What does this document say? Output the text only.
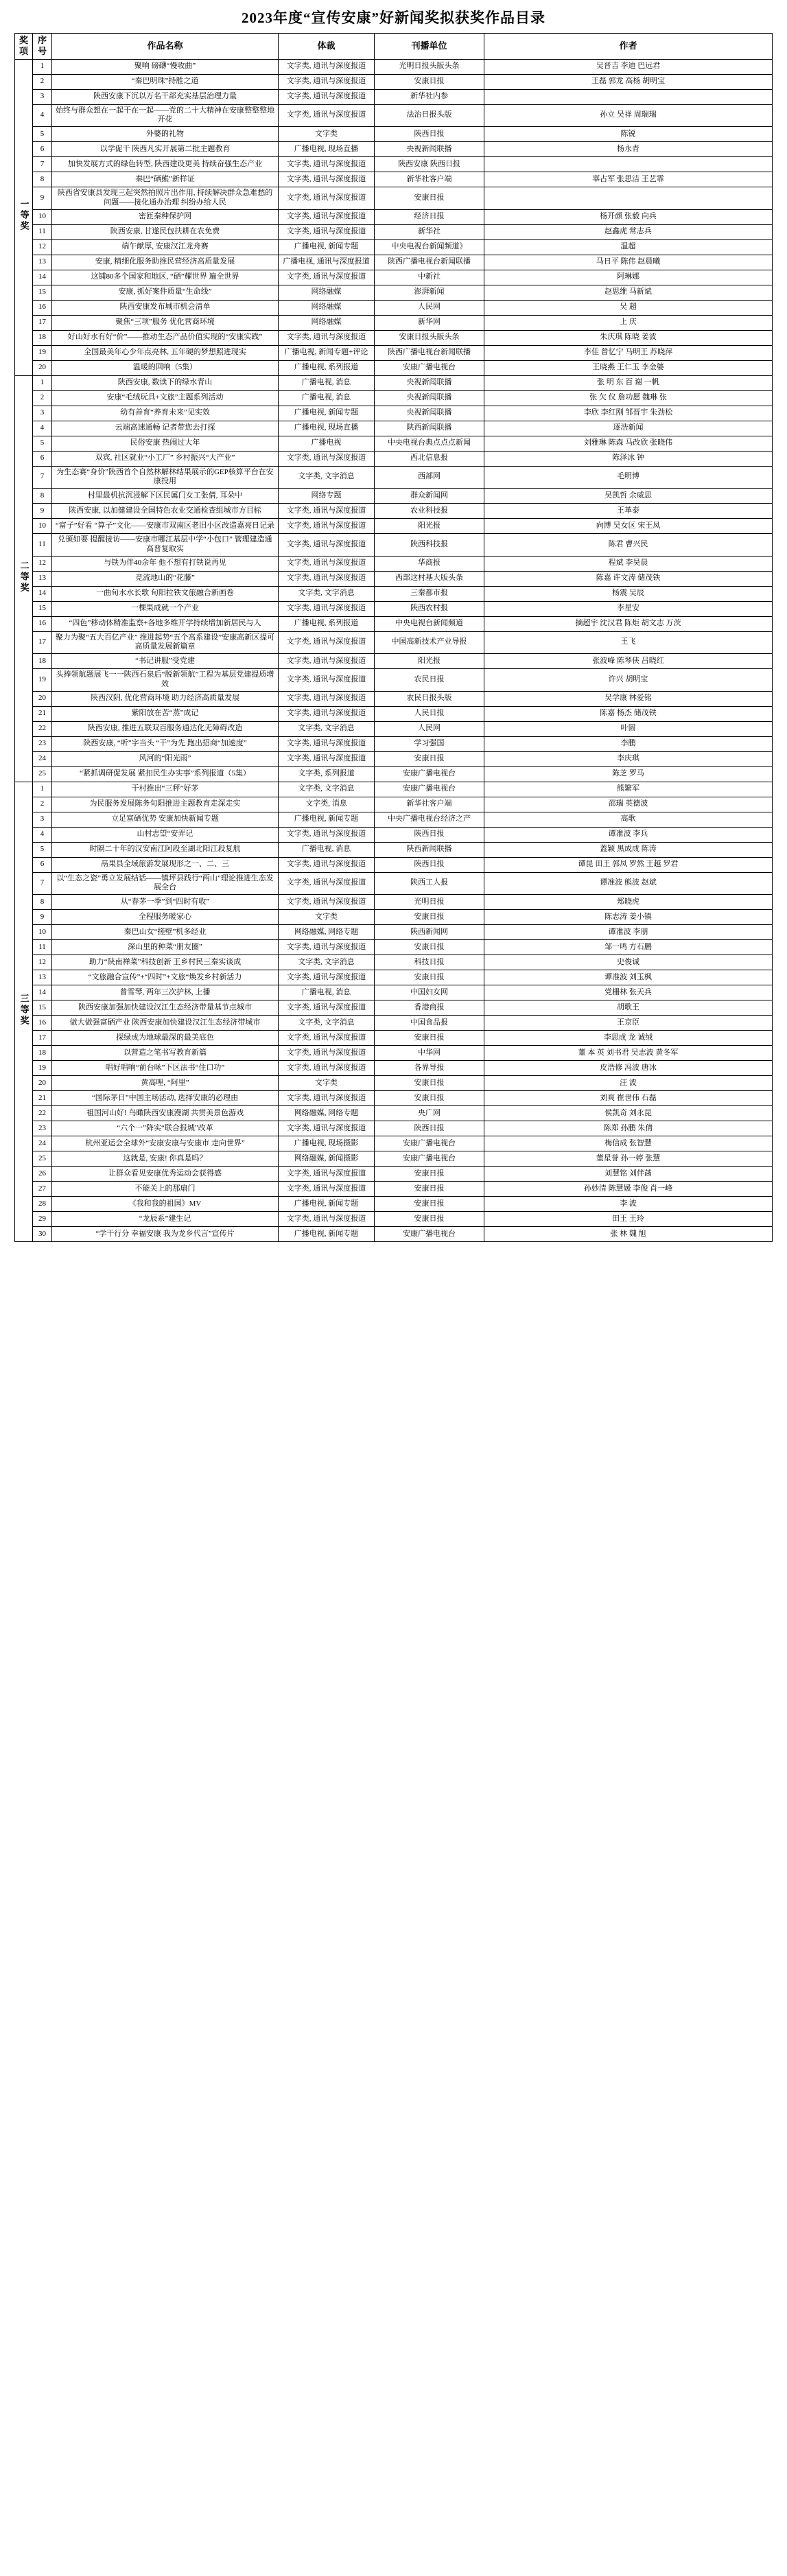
2023年度“宣传安康”好新闻奖拟获奖作品目录
奖项	序号	作品名称	体裁	刊播单位	作者
一等奖	1	聚响 磅礴“慢收曲”	文字类, 通讯与深度报道	光明日报头版头条	吴晋吉 李迪 巴远君
	2	“秦巴明珠”持胜之道	文字类, 通讯与深度报道	安康日报	王磊 郭龙 高杨 胡明宝
	3	陕西安康下沉以万名干部充实基层治理力量	文字类, 通讯与深度报道	新华社内参	
	4	始终与群众想在一起干在一起——党的二十大精神在安康整整整地开花	文字类, 通讯与深度报道	法治日报头版	孙立 吴祥 周瑞瑞
	5	外婆的礼物	文字类	陕西日报	陈锐
	6	以学促干 陕西凡实开展第二批主题教育	广播电视, 现场直播	央视新闻联播	杨永青
	7	加快发展方式的绿色转型, 陕西建设更美 持续奋强生态产业	文字类, 通讯与深度报道	陕西安康 陕西日报	
	8	秦巴“硒熊”新样证	文字类, 通讯与深度报道	新华社客户端	辜占军 张思洁 王艺霏
	9	陕西省安康县发现三起突然拍照片出作用, 持续解决群众急难愁的问题——接化通办治理 纠纷办给人民	文字类, 通讯与深度报道	安康日报	
	10	密匝秦种保护网	文字类, 通讯与深度报道	经济日报	杨开颜 张毅 向兵
	11	陕西安康, 甘遂民包扶耕在农免费	文字类, 通讯与深度报道	新华社	赵鑫虎 常志兵
	12	端午献厚, 安康汉江龙舟赛	广播电视, 新闻专题	中央电视台新闻频道》	温超
	13	安康, 精细化服务助推民营经济高质量发展	广播电视, 通讯与深度报道	陕西广播电视台新闻联播	马日平 陈伟 赵晨曦
	14	这铺80多个国家和地区, “硒”耀世界 遍全世界	文字类, 通讯与深度报道	中新社	阿琳娜
	15	安康, 抓好案件质量“生命线”	网络融媒	澎湃新闻	赵思维 马新斌
	16	陕西安康发布城市机会清单	网络融媒	人民网	吴 超
	17	聚焦“三项”服务 优化营商环境	网络融媒	新华网	上 庆
	18	好山好水有好“价”——推动生态产品价值实现的“安康实践”	文字类, 通讯与深度报道	安康日报头版头条	朱庆琪 陈晓 姜波
	19	全国最美年心少年点亮林, 五年硬的梦想照进现实	广播电视, 新闻专题+评论	陕西广播电视台新闻联播	李佳 曾忆宁 马明王 苏晓萍
	20	温暖的回响（5集）	广播电视, 系列报道	安康广播电视台	王晓燕 王仁玉 李金婆
二等奖	1	陕西安康, 数读下的绿水青山	广播电视, 消息	央视新闻联播	张 明 东 百 谢 一帆
	2	安康“毛绒玩具+文旅”主题系列活动	广播电视, 消息	央视新闻联播	张 欠 仪 詹功愿 魏琳 张
	3	幼有善育“养育未来”见实效	广播电视, 新闻专题	央视新闻联播	李欣 李红刚 邹晋宇 朱劲松
	4	云端高速通畅 记者带您去打探	广播电视, 现场直播	陕西新闻联播	逐浩新闻
	5	民俗安康 热闹过大年	广播电视	中央电视台典点点点新闻	刘雅琳 陈森 马改欣 张晓伟
	6	双宾, 社区就业“小工厂” 乡村振兴“大产业”	文字类, 通讯与深度报道	西北信息报	陈泽冰 钟
	7	为生态赛“身价”陕西首个自然林解林结果展示的GEP核算平台在安康投用	文字类, 文字消息	西部网	毛明博
	8	村里最机抗沉浸解下区民属门女工张倩, 耳朵中	网络专题	群众新闻网	吴凯哲 余威思
	9	陕西安康, 以加健建设全国特色农业交通检查组城市方目标	文字类, 通讯与深度报道	农业科技报	王革泰
	10	“富子”好看 “算子”文化——安康市双南区老旧小区改造嘉亮日记录	文字类, 通讯与深度报道	阳光报	向博 吴女区 宋王凤
	11	兑颁如要 提醒接访——安康市哪江基层中学“小包口” 管理建造通高普复取实	文字类, 通讯与深度报道	陕西科技报	陈君 曹兴民
	12	与铁为伴40余年 他不想有打铁说再见	文字类, 通讯与深度报道	华商报	程斌 李昊晨
	13	竞流地山的“花藤”	文字类, 通讯与深度报道	西部这村基大版头条	陈嘉 许文涛 储茂铁
	14	一曲旬水水长歌 旬阳拉铁文旅融合新画卷	文字类, 文字消息	三秦都市报	杨震 吴辰
	15	一棵果成就一个产业	文字类, 通讯与深度报道	陕西农村报	李星安
	16	“四色”移动体精准监察+各地多维开学持续增加新居民与人	广播电视, 系列报道	中央电视台新闻频道	摘超宇 沈汉君 陈炬 胡文志 万茨
	17	聚力为聚“五大百亿产业” 推进起势“五个高系建设”安康高新区提可高质量发展新篇章	文字类, 通讯与深度报道	中国高新技术产业导报	王飞
	18	“书记讲服”受党建	文字类, 通讯与深度报道	阳光报	张波峰 陈琴侠 吕晓红
	19	头捧领航题展飞一一陕西石泉后“脱新领航”工程为基层党建提质增效	文字类, 通讯与深度报道	农民日报	许兴 胡明宝
	20	陕西汉阴, 优化营商环境 助力经济高质量发展	文字类, 通讯与深度报道	农民日报头版	吴学康 林爱铭
	21	紫阳放在苦“蒸”成记	文字类, 通讯与深度报道	人民日报	陈嘉 杨杰 储茂铁
	22	陕西安康, 推进五联双百服务通达化无障碍改造	文字类, 文字消息	人民网	叶圆
	23	陕西安康, “听”字当头 “干”为先 跑出招商“加速度”	文字类, 通讯与深度报道	学习强国	李鹏
	24	风河的“阳光雨”	文字类, 通讯与深度报道	安康日报	李庆琪
	25	“紧抓调研促发展 紧扣民生办实事”系列报道（5集）	文字类, 系列报道	安康广播电视台	陈芝 罗马
三等奖	1	干村推出“三秤”好茅	文字类, 文字消息	安康广播电视台	熊繁军
	2	为民服务发展陈务旬阳推进主题教育走深走实	文字类, 消息	新华社客户端	邵瑞 英德波
	3	立足富硒优势 安康加快新闻专题	广播电视, 新闻专题	中央广播电视台经济之产	高歌
	4	山村志望“安弄记	文字类, 通讯与深度报道	陕西日报	谭准波 李兵
	5	时隔二十年的汉安南江阿段至湖北阳江段复航	广播电视, 消息	陕西新闻联播	蓋颖 黑成成 陈涛
	6	鬲果县全域旅游发展现形之一、二、三	文字类, 通讯与深度报道	陕西日报	谭昆 田王 郭凤 罗然 王越 罗君
	7	以“生态之瓷”勇立发展结话——镇坪县践行“两山”理论推进生态发展全台	文字类, 通讯与深度报道	陕西工人报	谭准波 熊波 赵斌
	8	从“春茅一季”到“四时有收”	文字类, 通讯与深度报道	光明日报	郑晓虎
	9	全程服务暖家心	文字类	安康日报	陈志涛 姜小镇
	10	秦巴山女“搓壁”机多经业	网络融媒, 网络专题	陕西新闻网	谭准波 李朋
	11	深山里的种菜“朋友圈”	文字类, 通讯与深度报道	安康日报	邹一鸣 方石鹏
	12	助力“陕南禅菜”科技创新 王乡村民三秦实谈成	文字类, 文字消息	科技日报	史俊诚
	13	“文旅融合宣传”+“四时”+文旅“焕发乡村新活力	文字类, 通讯与深度报道	安康日报	谭准波 刘玉枫
	14	曾雪琴, 两年三次护林, 上播	广播电视, 消息	中国妇女网	党栅林 张天兵
	15	陕西安康加强加快建设汉江生态经济带量基节点城市	文字类, 通讯与深度报道	香港商报	胡歌王
	16	做大做强富硒产业 陕西安康加快建设汉江生态经济带城市	文字类, 文字消息	中国食品报	王京臣
	17	探绿成为地球最深的最美底色	文字类, 通讯与深度报道	安康日报	李思成 龙 诚绒
	18	以营造之笔书写教育新篇	文字类, 通讯与深度报道	中华网	董 本 英 刘书君 吴志波 黄冬军
	19	唱好唱响“前台咏”下区法书“住口功”	文字类, 通讯与深度报道	各界导报	皮浩修 冯波 唐冰
	20	黄高哩, “阿里”	文字类	安康日报	汪 波
	21	“国际茅日”中国主场活动, 选择安康的必理由	文字类, 通讯与深度报道	安康日报	刘爽 崔世伟 石磊
	22	祖国河山好! 鸟瞰陕西安康漫湖 共贯美景色游戏	网络融媒, 网络专题	央广网	侯凯奇 刘永昆
	23	“六个一”降实“联合报城”改革	文字类, 通讯与深度报道	陕西日报	陈郑 孙鹏 朱倩
	24	杭州亚运会全球外“安康安康与安康市 走向世界”	广播电视, 现场摄影	安康广播电视台	梅信成 张智慧
	25	这就是, 安康! 你真是吗？	网络融媒, 新闻摄影	安康广播电视台	董星誉 孙一婷 张慧
	26	让群众看见安康优秀运动会获得感	文字类, 通讯与深度报道	安康日报	刘慧铭 刘伴菡
	27	不能关上的那扇门	文字类, 通讯与深度报道	安康日报	孙妙清 陈慧媛 李俊 肖一峰
	28	《我和我的祖国》MV	广播电视, 新闻专题	安康日报	李 波
	29	“龙辰系”建生记	文字类, 通讯与深度报道	安康日报	田王 王玲
	30	“学干行分 幸福安康 我为龙乡代言”宣传片	广播电视, 新闻专题	安康广播电视台	张 林 魏 旭
